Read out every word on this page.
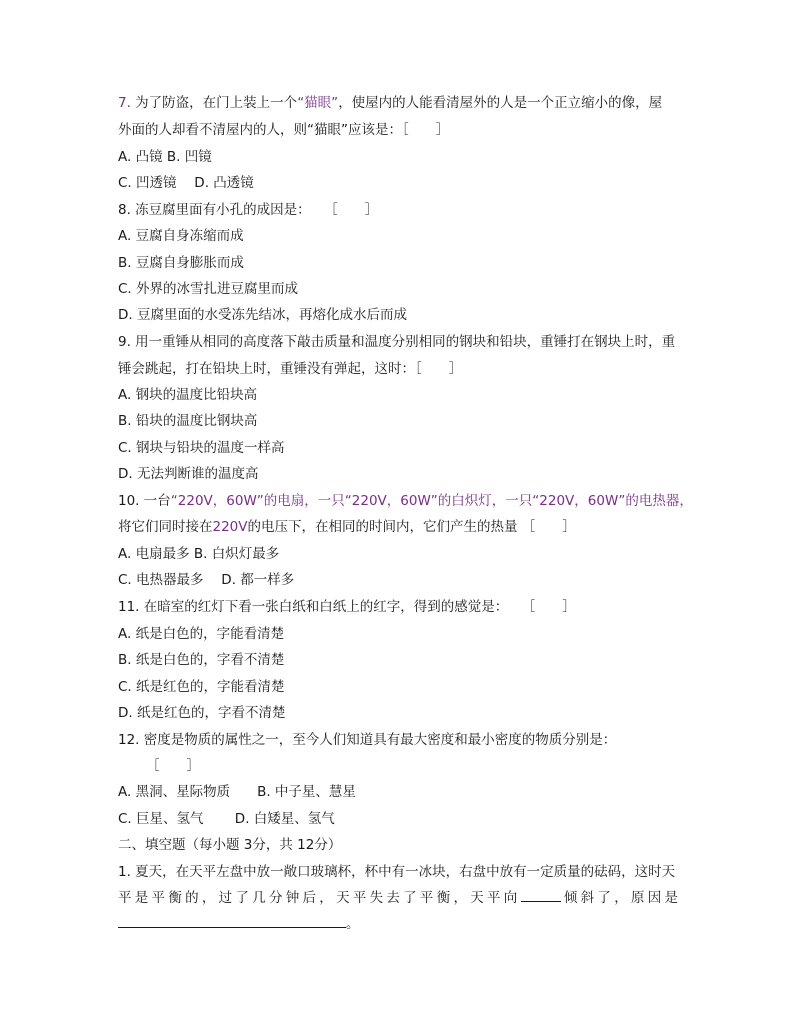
7. 为了防盗，在门上装上一个“猫眼”，使屋内的人能看清屋外的人是一个正立缩小的像，屋
外面的人却看不清屋内的人，则“猫眼”应该是：［　　］
A. 凸镜 B. 凹镜
C. 凹透镜　 D. 凸透镜
8. 冻豆腐里面有小孔的成因是：　　［　　］
A. 豆腐自身冻缩而成
B. 豆腐自身膨胀而成
C. 外界的冰雪扎进豆腐里而成
D. 豆腐里面的水受冻先结冰，再熔化成水后而成
9. 用一重锤从相同的高度落下敲击质量和温度分别相同的钢块和铅块，重锤打在钢块上时，重
锤会跳起，打在铅块上时，重锤没有弹起，这时：［　　］
A. 钢块的温度比铅块高
B. 铅块的温度比钢块高
C. 钢块与铅块的温度一样高
D. 无法判断谁的温度高
10. 一台“220V，60W”的电扇，一只“220V，60W”的白炽灯，一只“220V，60W”的电热器，
将它们同时接在220V的电压下，在相同的时间内，它们产生的热量 ［　　］
A. 电扇最多 B. 白炽灯最多
C. 电热器最多　 D. 都一样多
11. 在暗室的红灯下看一张白纸和白纸上的红字，得到的感觉是：　　［　　］
A. 纸是白色的，字能看清楚
B. 纸是白色的，字看不清楚
C. 纸是红色的，字能看清楚
D. 纸是红色的，字看不清楚
12. 密度是物质的属性之一，至今人们知道具有最大密度和最小密度的物质分别是：
［　　］
A. 黑洞、星际物质　　B. 中子星、慧星
C. 巨星、氢气　　 D. 白矮星、氢气
二、填空题（每小题 3分，共 12分）
1. 夏天，在天平左盘中放一敞口玻璃杯，杯中有一冰块，右盘中放有一定质量的砝码，这时天
平是平衡的，过了几分钟后，天平失去了平衡，天平向	倾斜了，原因是
。
